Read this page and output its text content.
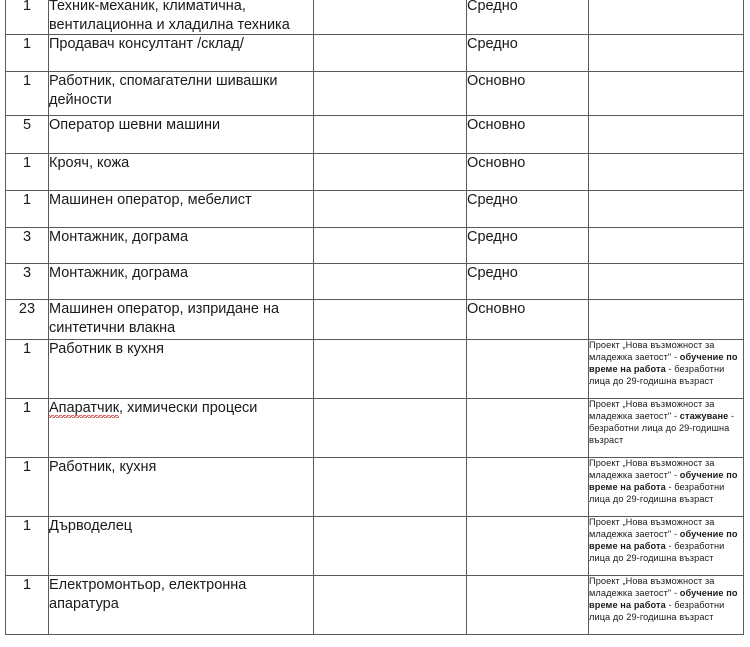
1	Техник-механик, климатична, вентилационна и хладилна техника		Средно	

1	Продавач консултант /склад/		Средно	

1	Работник, спомагателни шивашки дейности		Основно	

5	Оператор шевни машини		Основно	

1	Крояч, кожа		Основно	

1	Машинен оператор, мебелист		Средно	

3	Монтажник, дограма		Средно	

3	Монтажник, дограма		Средно	

23	Машинен оператор, изпридане на синтетични влакна		Основно	

1	Работник в кухня			Проект „Нова възможност за младежка заетост" - обучение по време на работа - безработни лица до 29-годишна възраст

1	Апаратчик, химически процеси			Проект „Нова възможност за младежка заетост" - стажуване - безработни лица до 29-годишна възраст

1	Работник, кухня			Проект „Нова възможност за младежка заетост" - обучение по време на работа - безработни лица до 29-годишна възраст

1	Дърводелец			Проект „Нова възможност за младежка заетост" - обучение по време на работа - безработни лица до 29-годишна възраст

1	Електромонтьор, електронна апаратура			Проект „Нова възможност за младежка заетост" - обучение по време на работа - безработни лица до 29-годишна възраст
